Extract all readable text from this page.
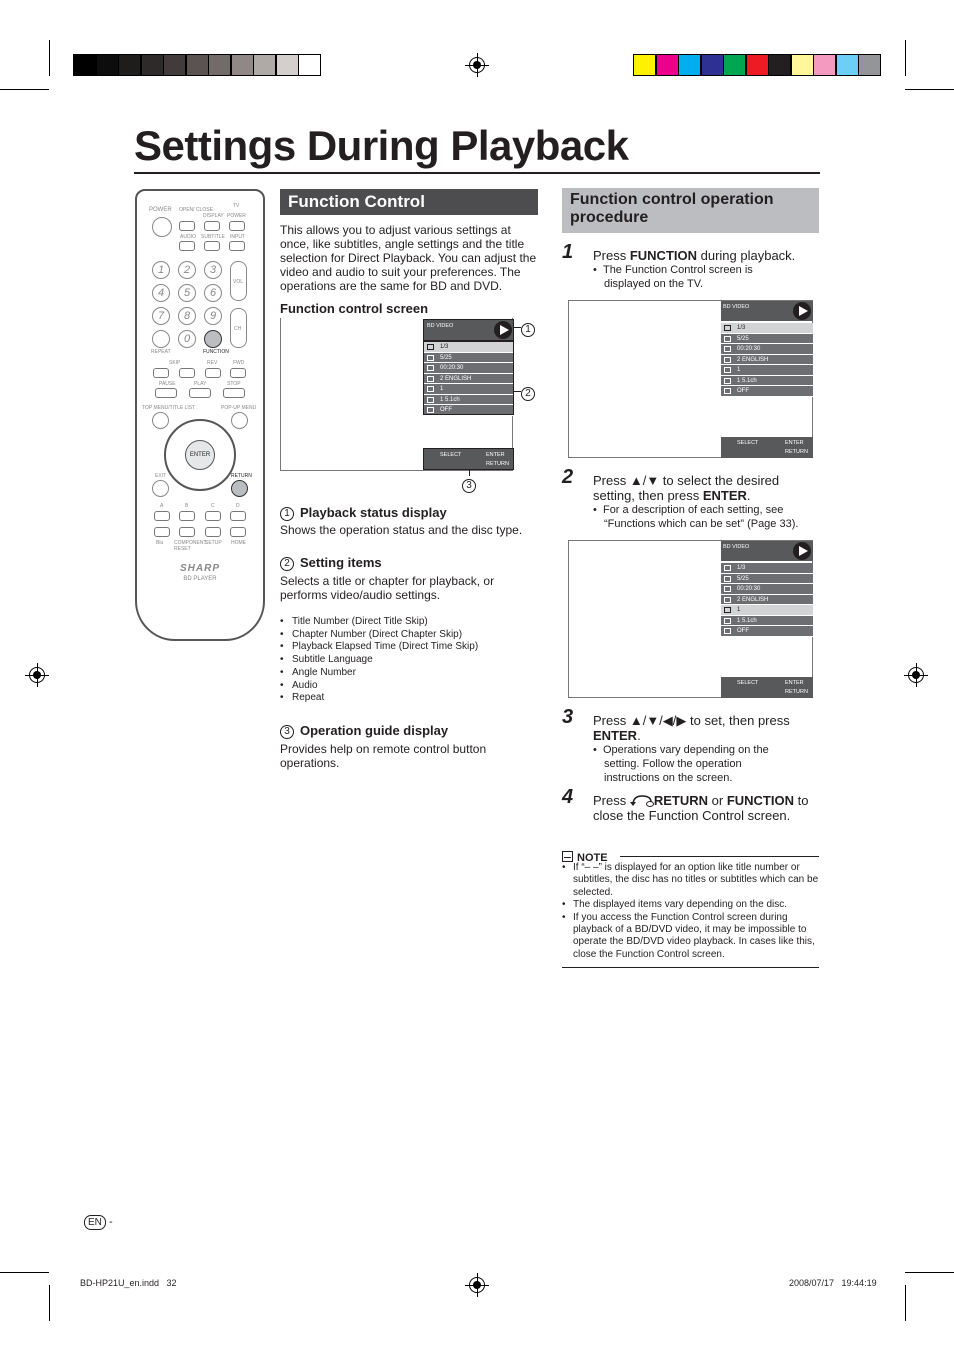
Settings During Playback
POWER OPEN/ CLOSE
DISPLAY
TV
POWER
AUDIO SUBTITLE INPUT
1	2	3
4	5	6
7	8	9
0
REPEAT	FUNCTION
VOL
CH
SKIP	REV	FWD
PAUSE	PLAY	STOP
TOP MENU/TITLE LIST	POP-UP MENU
ENTER
EXIT	RETURN
A	B	C	D
Blu COMPONENT RESET
SETUP HOME
SHARP
BD PLAYER
Function Control
This allows you to adjust various settings at once, like subtitles, angle settings and the title selection for Direct Playback. You can adjust the video and audio to suit your preferences. The operations are the same for BD and DVD.
Function control screen
BD VIDEO
1/3
5/25
00:20:30
2 ENGLISH
1
1 5.1ch
OFF
SELECT	ENTER
RETURN
1
2
3
1 Playback status display
Shows the operation status and the disc type.
2 Setting items
Selects a title or chapter for playback, or performs video/audio settings.
• Title Number (Direct Title Skip)
• Chapter Number (Direct Chapter Skip)
• Playback Elapsed Time (Direct Time Skip)
• Subtitle Language
• Angle Number
• Audio
• Repeat
3 Operation guide display
Provides help on remote control button operations.
Function control operation procedure
1 Press FUNCTION during playback.
•  The Function Control screen is displayed on the TV.
BD VIDEO
1/3
5/25
00:20:30
2 ENGLISH
1
1 5.1ch
OFF
SELECT	ENTER
RETURN
2 Press ▲/▼ to select the desired setting, then press ENTER.
•  For a description of each setting, see “Functions which can be set” (Page 33).
BD VIDEO
1/3
5/25
00:20:30
2 ENGLISH
1
1 5.1ch
OFF
SELECT	ENTER
RETURN
3 Press ▲/▼/◀/▶ to set, then press ENTER.
•  Operations vary depending on the setting. Follow the operation instructions on the screen.
4 Press RETURN or FUNCTION to close the Function Control screen.
NOTE
• If “– –” is displayed for an option like title number or subtitles, the disc has no titles or subtitles which can be selected.
• The displayed items vary depending on the disc.
• If you access the Function Control screen during playback of a BD/DVD video, it may be impossible to operate the BD/DVD video playback. In cases like this, close the Function Control screen.
EN -
BD-HP21U_en.indd   32	2008/07/17   19:44:19
